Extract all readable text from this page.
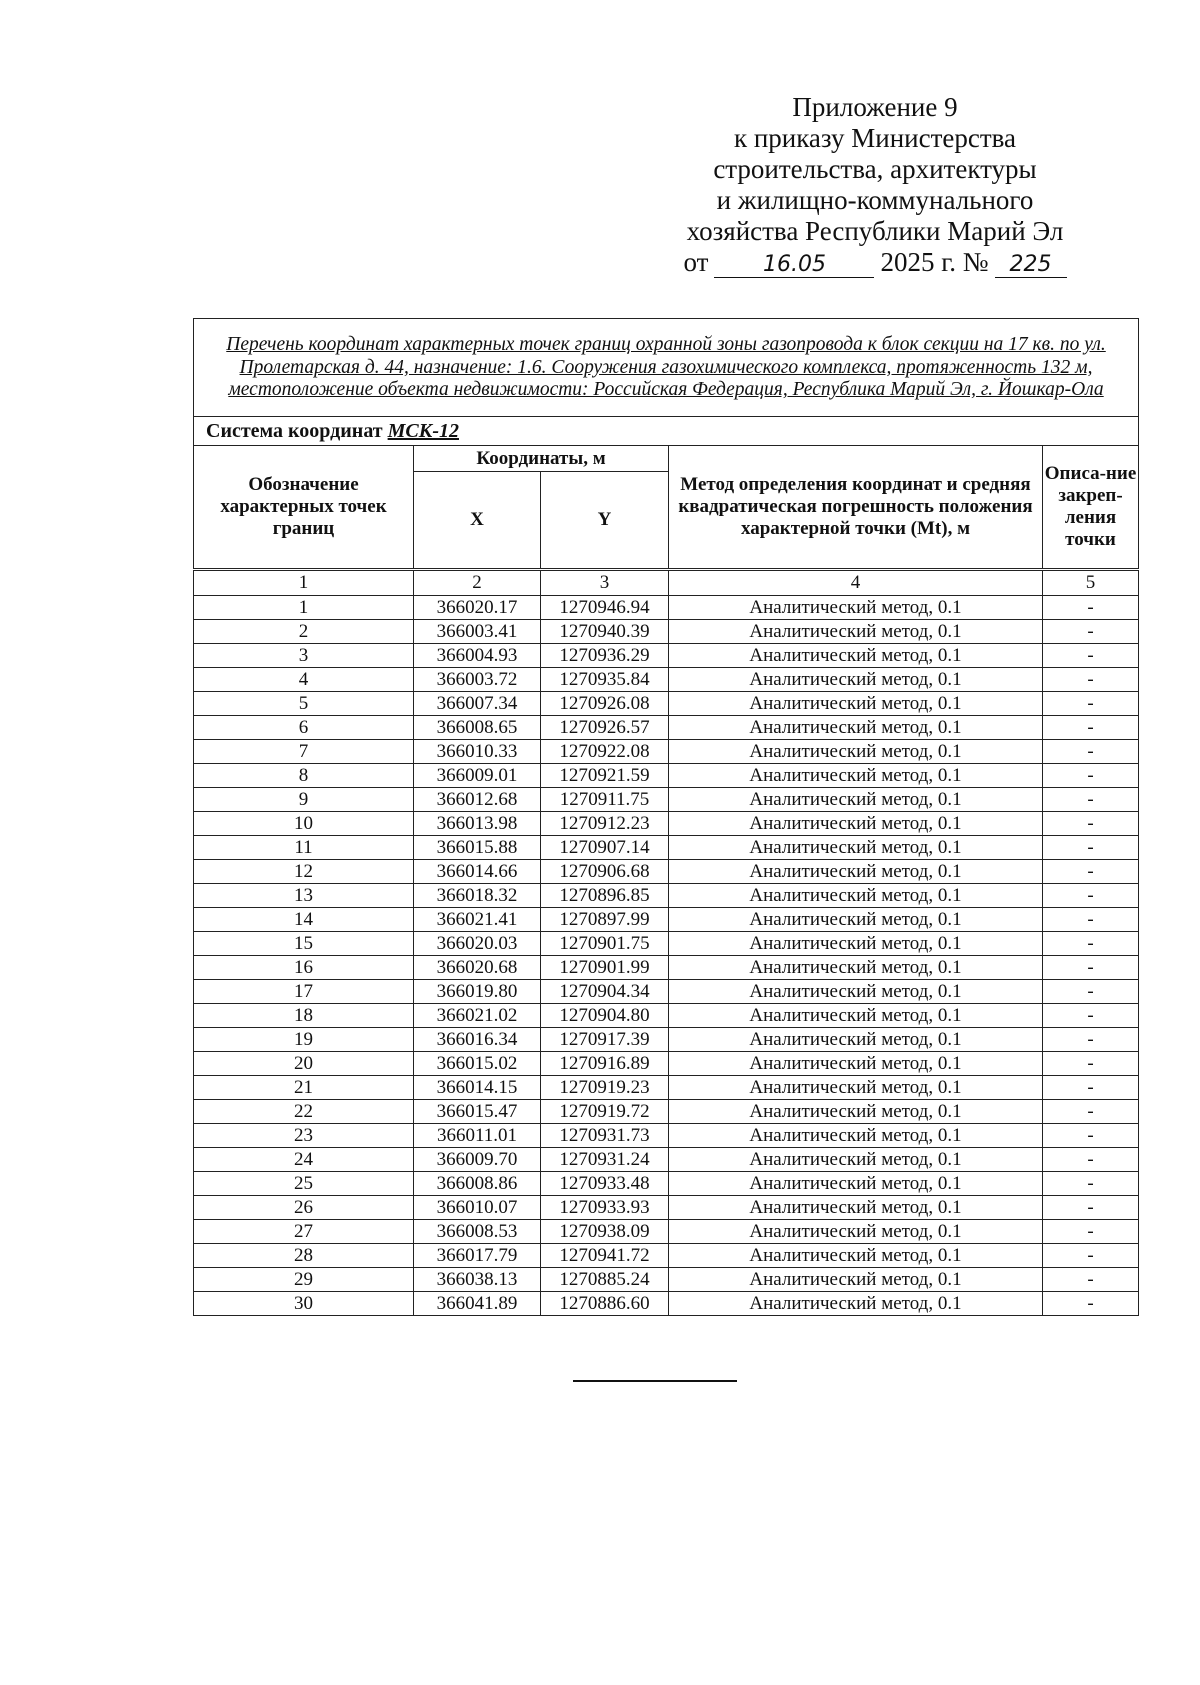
Приложение 9
к приказу Министерства
строительства, архитектуры
и жилищно-коммунального
хозяйства Республики Марий Эл
от 16.05 2025 г. № 225
Перечень координат характерных точек границ охранной зоны газопровода к блок секции на 17 кв. по ул. Пролетарская д. 44, назначение: 1.6. Сооружения газохимического комплекса, протяженность 132 м, местоположение объекта недвижимости: Российская Федерация, Республика Марий Эл, г. Йошкар-Ола				
Система координат МСК-12				
Обозначение характерных точек границ	Координаты, м		Метод определения координат и средняя квадратическая погрешность положения характерной точки (Mt), м	Описа-ние закреп-ления точки
	X	Y		
1	2	3	4	5
1	366020.17	1270946.94	Аналитический метод, 0.1	-
2	366003.41	1270940.39	Аналитический метод, 0.1	-
3	366004.93	1270936.29	Аналитический метод, 0.1	-
4	366003.72	1270935.84	Аналитический метод, 0.1	-
5	366007.34	1270926.08	Аналитический метод, 0.1	-
6	366008.65	1270926.57	Аналитический метод, 0.1	-
7	366010.33	1270922.08	Аналитический метод, 0.1	-
8	366009.01	1270921.59	Аналитический метод, 0.1	-
9	366012.68	1270911.75	Аналитический метод, 0.1	-
10	366013.98	1270912.23	Аналитический метод, 0.1	-
11	366015.88	1270907.14	Аналитический метод, 0.1	-
12	366014.66	1270906.68	Аналитический метод, 0.1	-
13	366018.32	1270896.85	Аналитический метод, 0.1	-
14	366021.41	1270897.99	Аналитический метод, 0.1	-
15	366020.03	1270901.75	Аналитический метод, 0.1	-
16	366020.68	1270901.99	Аналитический метод, 0.1	-
17	366019.80	1270904.34	Аналитический метод, 0.1	-
18	366021.02	1270904.80	Аналитический метод, 0.1	-
19	366016.34	1270917.39	Аналитический метод, 0.1	-
20	366015.02	1270916.89	Аналитический метод, 0.1	-
21	366014.15	1270919.23	Аналитический метод, 0.1	-
22	366015.47	1270919.72	Аналитический метод, 0.1	-
23	366011.01	1270931.73	Аналитический метод, 0.1	-
24	366009.70	1270931.24	Аналитический метод, 0.1	-
25	366008.86	1270933.48	Аналитический метод, 0.1	-
26	366010.07	1270933.93	Аналитический метод, 0.1	-
27	366008.53	1270938.09	Аналитический метод, 0.1	-
28	366017.79	1270941.72	Аналитический метод, 0.1	-
29	366038.13	1270885.24	Аналитический метод, 0.1	-
30	366041.89	1270886.60	Аналитический метод, 0.1	-
